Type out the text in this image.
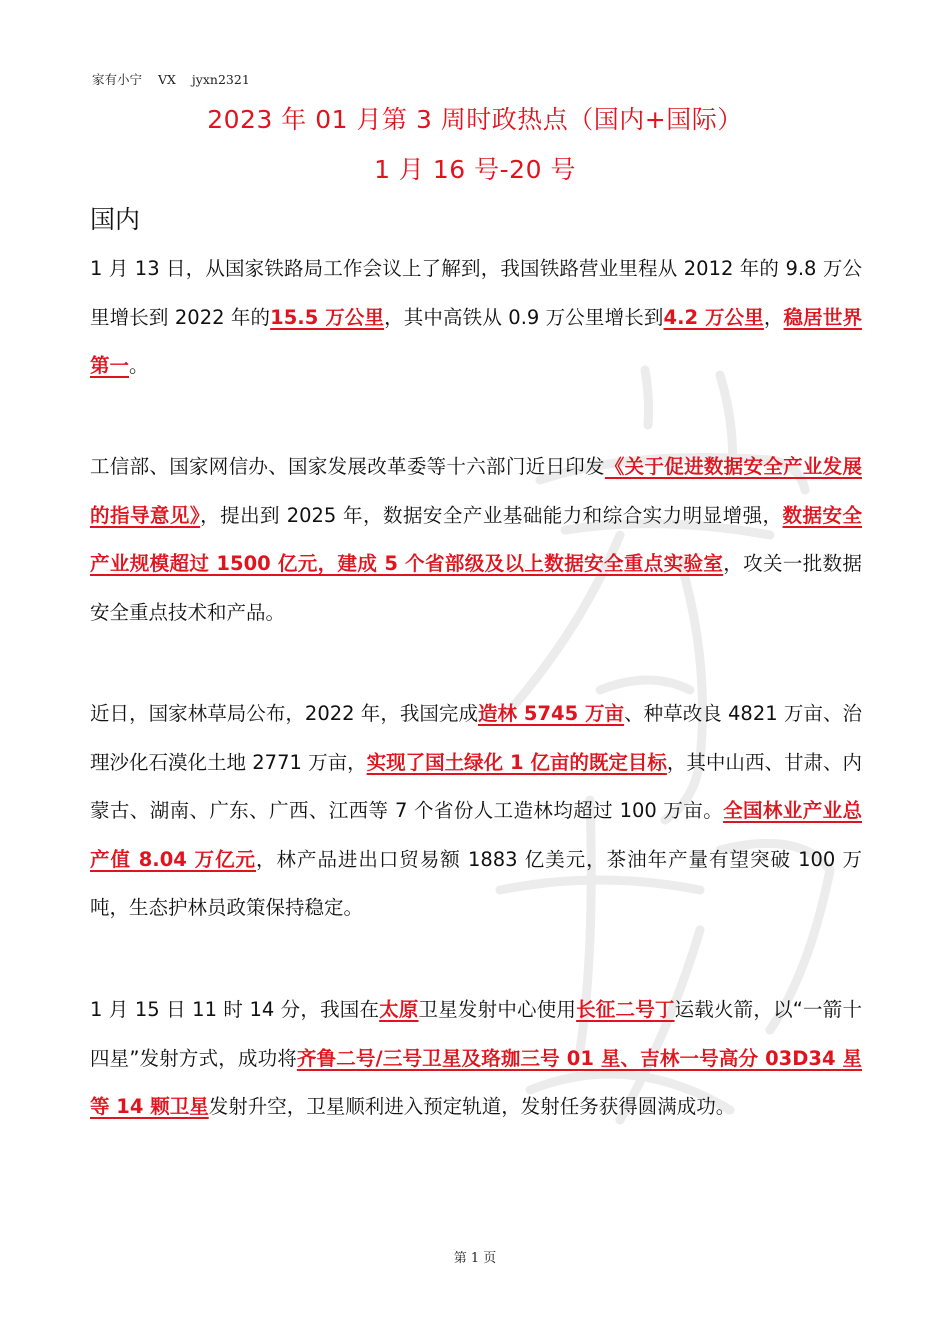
家有小宁 VX jyxn2321
2023 年 01 月第 3 周时政热点（国内+国际）
1 月 16 号-20 号
国内

1 月 13 日，从国家铁路局工作会议上了解到，我国铁路营业里程从 2012 年的 9.8 万公里增长到 2022 年的15.5 万公里，其中高铁从 0.9 万公里增长到4.2 万公里，稳居世界第一。

工信部、国家网信办、国家发展改革委等十六部门近日印发《关于促进数据安全产业发展的指导意见》，提出到 2025 年，数据安全产业基础能力和综合实力明显增强，数据安全产业规模超过 1500 亿元，建成 5 个省部级及以上数据安全重点实验室，攻关一批数据安全重点技术和产品。

近日，国家林草局公布，2022 年，我国完成造林 5745 万亩、种草改良 4821 万亩、治理沙化石漠化土地 2771 万亩，实现了国土绿化 1 亿亩的既定目标，其中山西、甘肃、内蒙古、湖南、广东、广西、江西等 7 个省份人工造林均超过 100 万亩。全国林业产业总产值 8.04 万亿元，林产品进出口贸易额 1883 亿美元，茶油年产量有望突破 100 万吨，生态护林员政策保持稳定。

1 月 15 日 11 时 14 分，我国在太原卫星发射中心使用长征二号丁运载火箭，以“一箭十四星”发射方式，成功将齐鲁二号/三号卫星及珞珈三号 01 星、吉林一号高分 03D34 星等 14 颗卫星发射升空，卫星顺利进入预定轨道，发射任务获得圆满成功。

第 1 页
